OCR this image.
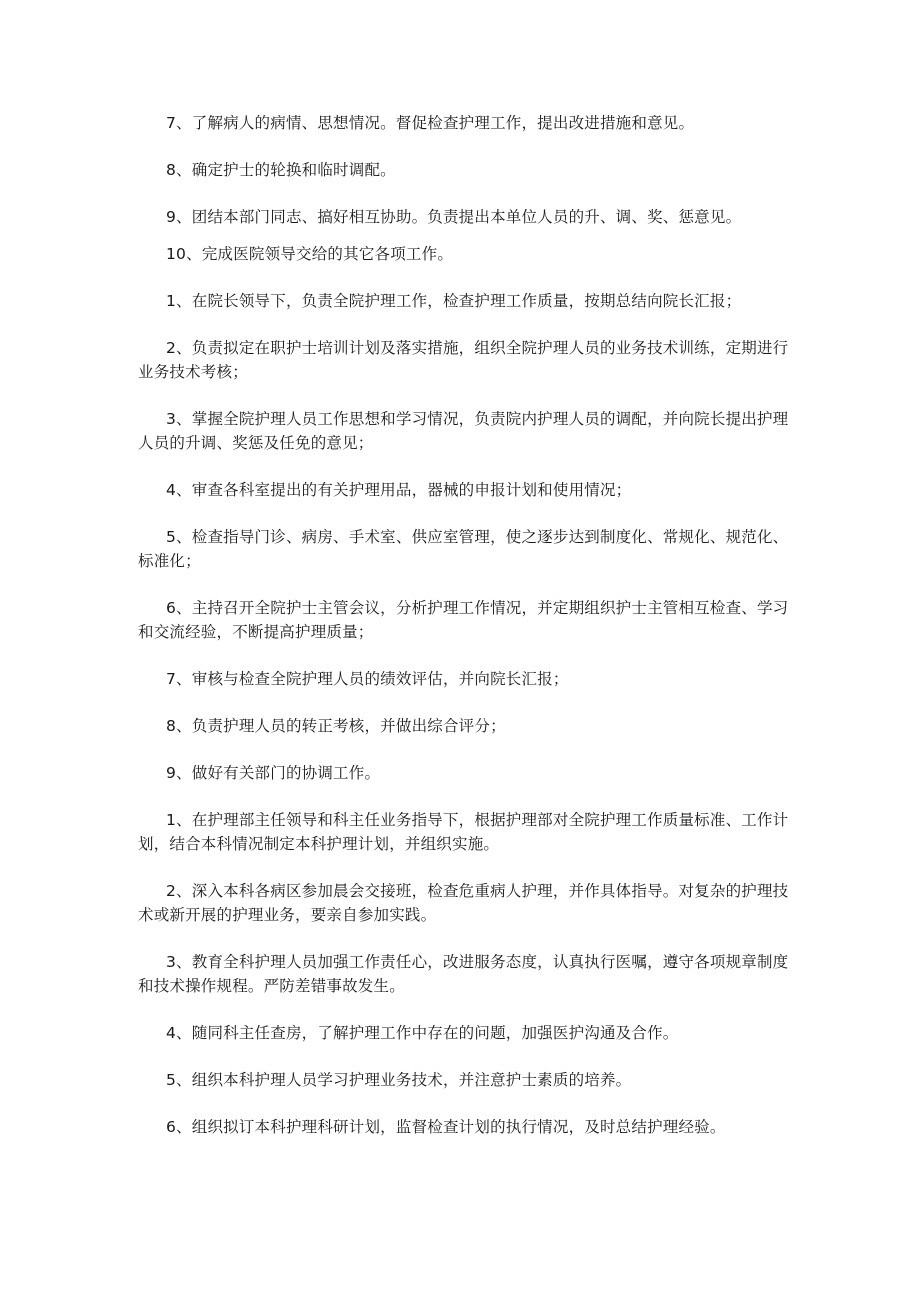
7、了解病人的病情、思想情况。督促检查护理工作，提出改进措施和意见。

8、确定护士的轮换和临时调配。

9、团结本部门同志、搞好相互协助。负责提出本单位人员的升、调、奖、惩意见。

10、完成医院领导交给的其它各项工作。

1、在院长领导下，负责全院护理工作，检查护理工作质量，按期总结向院长汇报；

2、负责拟定在职护士培训计划及落实措施，组织全院护理人员的业务技术训练，定期进行业务技术考核；

3、掌握全院护理人员工作思想和学习情况，负责院内护理人员的调配，并向院长提出护理人员的升调、奖惩及任免的意见；

4、审查各科室提出的有关护理用品，器械的申报计划和使用情况；

5、检查指导门诊、病房、手术室、供应室管理，使之逐步达到制度化、常规化、规范化、标准化；

6、主持召开全院护士主管会议，分析护理工作情况，并定期组织护士主管相互检查、学习和交流经验，不断提高护理质量；

7、审核与检查全院护理人员的绩效评估，并向院长汇报；

8、负责护理人员的转正考核，并做出综合评分；

9、做好有关部门的协调工作。

1、在护理部主任领导和科主任业务指导下，根据护理部对全院护理工作质量标准、工作计划，结合本科情况制定本科护理计划，并组织实施。

2、深入本科各病区参加晨会交接班，检查危重病人护理，并作具体指导。对复杂的护理技术或新开展的护理业务，要亲自参加实践。

3、教育全科护理人员加强工作责任心，改进服务态度，认真执行医嘱，遵守各项规章制度和技术操作规程。严防差错事故发生。

4、随同科主任查房，了解护理工作中存在的问题，加强医护沟通及合作。

5、组织本科护理人员学习护理业务技术，并注意护士素质的培养。

6、组织拟订本科护理科研计划，监督检查计划的执行情况，及时总结护理经验。
